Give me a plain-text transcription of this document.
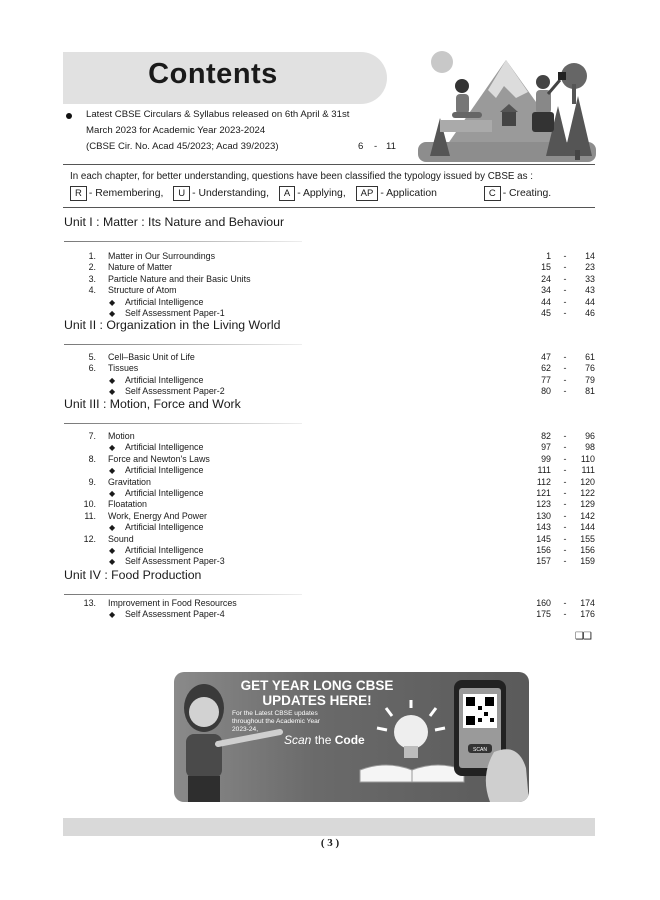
Contents
Latest CBSE Circulars & Syllabus released on 6th April & 31st
March 2023 for Academic Year 2023-2024
(CBSE Cir. No. Acad 45/2023; Acad 39/2023)	6 - 11
In each chapter, for better understanding, questions have been classified the typology issued by CBSE as :
R - Remembering, U - Understanding, A - Applying, AP - Application	C - Creating.
Unit I : Matter : Its Nature and Behaviour
1. Matter in Our Surroundings	1	-	14
2. Nature of Matter	15	-	23
3. Particle Nature and their Basic Units	24	-	33
4. Structure of Atom	34	-	43
◆ Artificial Intelligence	44	-	44
◆ Self Assessment Paper-1	45	-	46
Unit II : Organization in the Living World
5. Cell–Basic Unit of Life	47	-	61
6. Tissues	62	-	76
◆ Artificial Intelligence	77	-	79
◆ Self Assessment Paper-2	80	-	81
Unit III : Motion, Force and Work
7. Motion	82	-	96
◆ Artificial Intelligence	97	-	98
8. Force and Newton's Laws	99	-	110
◆ Artificial Intelligence	111	-	111
9. Gravitation	112	-	120
◆ Artificial Intelligence	121	-	122
10. Floatation	123	-	129
11. Work, Energy And Power	130	-	142
◆ Artificial Intelligence	143	-	144
12. Sound	145	-	155
◆ Artificial Intelligence	156	-	156
◆ Self Assessment Paper-3	157	-	159
Unit IV : Food Production
13. Improvement in Food Resources	160	-	174
◆ Self Assessment Paper-4	175	-	176
❑❑
SCAN
GET YEAR LONG CBSE
UPDATES HERE!
For the Latest CBSE updates
throughout the Academic Year
2023-24,
Scan the Code
( 3 )
